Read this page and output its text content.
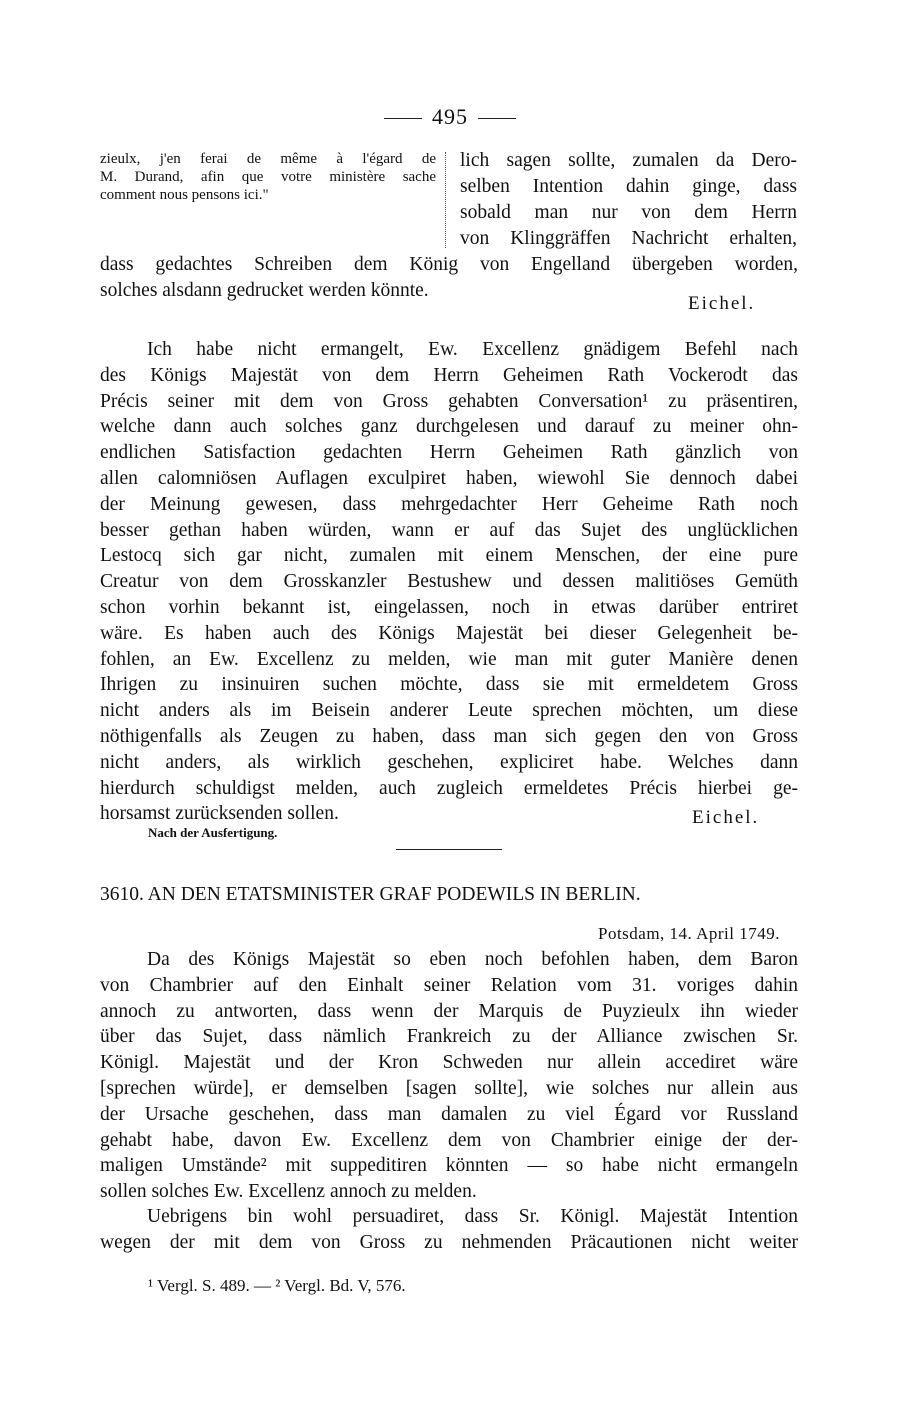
495
zieulx, j'en ferai de même à l'égard de
M. Durand, afin que votre ministère sache
comment nous pensons ici."
lich sagen sollte, zumalen da Dero-
selben Intention dahin ginge, dass
sobald man nur von dem Herrn
von Klinggräffen Nachricht erhalten,
dass gedachtes Schreiben dem König von Engelland übergeben worden,
solches alsdann gedrucket werden könnte.
Eichel.
Ich habe nicht ermangelt, Ew. Excellenz gnädigem Befehl nach
des Königs Majestät von dem Herrn Geheimen Rath Vockerodt das
Précis seiner mit dem von Gross gehabten Conversation¹ zu präsentiren,
welche dann auch solches ganz durchgelesen und darauf zu meiner ohn-
endlichen Satisfaction gedachten Herrn Geheimen Rath gänzlich von
allen calomniösen Auflagen exculpiret haben, wiewohl Sie dennoch dabei
der Meinung gewesen, dass mehrgedachter Herr Geheime Rath noch
besser gethan haben würden, wann er auf das Sujet des unglücklichen
Lestocq sich gar nicht, zumalen mit einem Menschen, der eine pure
Creatur von dem Grosskanzler Bestushew und dessen malitiöses Gemüth
schon vorhin bekannt ist, eingelassen, noch in etwas darüber entriret
wäre. Es haben auch des Königs Majestät bei dieser Gelegenheit be-
fohlen, an Ew. Excellenz zu melden, wie man mit guter Manière denen
Ihrigen zu insinuiren suchen möchte, dass sie mit ermeldetem Gross
nicht anders als im Beisein anderer Leute sprechen möchten, um diese
nöthigenfalls als Zeugen zu haben, dass man sich gegen den von Gross
nicht anders, als wirklich geschehen, expliciret habe. Welches dann
hierdurch schuldigst melden, auch zugleich ermeldetes Précis hierbei ge-
horsamst zurücksenden sollen.	Eichel.
Nach der Ausfertigung.
3610. AN DEN ETATSMINISTER GRAF PODEWILS IN BERLIN.
Potsdam, 14. April 1749.
Da des Königs Majestät so eben noch befohlen haben, dem Baron
von Chambrier auf den Einhalt seiner Relation vom 31. voriges dahin
annoch zu antworten, dass wenn der Marquis de Puyzieulx ihn wieder
über das Sujet, dass nämlich Frankreich zu der Alliance zwischen Sr.
Königl. Majestät und der Kron Schweden nur allein accediret wäre
[sprechen würde], er demselben [sagen sollte], wie solches nur allein aus
der Ursache geschehen, dass man damalen zu viel Égard vor Russland
gehabt habe, davon Ew. Excellenz dem von Chambrier einige der der-
maligen Umstände² mit suppeditiren könnten — so habe nicht ermangeln
sollen solches Ew. Excellenz annoch zu melden.
Uebrigens bin wohl persuadiret, dass Sr. Königl. Majestät Intention
wegen der mit dem von Gross zu nehmenden Präcautionen nicht weiter
¹ Vergl. S. 489. — ² Vergl. Bd. V, 576.
